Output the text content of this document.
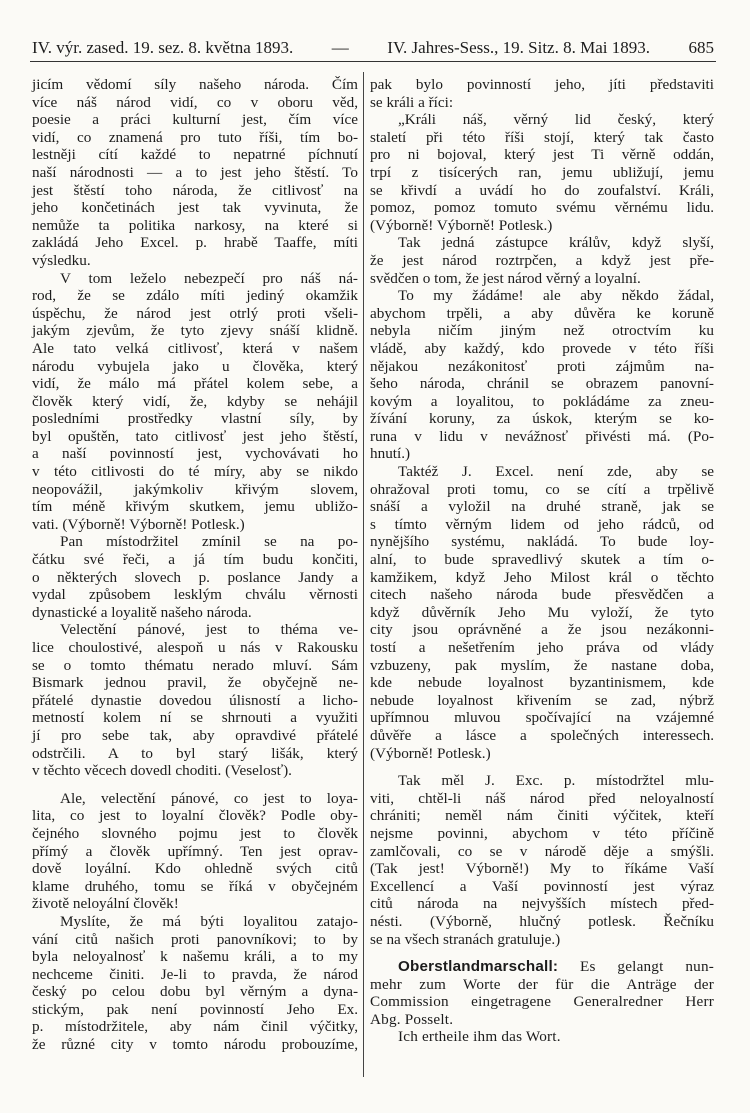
IV. výr. zased. 19. sez. 8. května 1893. — IV. Jahres-Sess., 19. Sitz. 8. Mai 1893. 685
jicím vědomí síly našeho národa. Čím
více náš národ vidí, co v oboru věd,
poesie a práci kulturní jest, čím více
vidí, co znamená pro tuto říši, tím bo-
lestněji cítí každé to nepatrné píchnutí
naší národnosti — a to jest jeho štěstí. To
jest štěstí toho národa, že citlivosť na
jeho končetinách jest tak vyvinuta, že
nemůže ta politika narkosy, na které si
zakládá Jeho Excel. p. hrabě Taaffe, míti
výsledku.
V tom leželo nebezpečí pro náš ná-
rod, že se zdálo míti jediný okamžik
úspěchu, že národ jest otrlý proti všeli-
jakým zjevům, že tyto zjevy snáší klidně.
Ale tato velká citlivosť, která v našem
národu vybujela jako u člověka, který
vidí, že málo má přátel kolem sebe, a
člověk který vidí, že, kdyby se nehájil
posledními prostředky vlastní síly, by
byl opuštěn, tato citlivosť jest jeho štěstí,
a naší povinností jest, vychovávati ho
v této citlivosti do té míry, aby se nikdo
neopovážil, jakýmkoliv křivým slovem,
tím méně křivým skutkem, jemu ubližo-
vati. (Výborně! Výborně! Potlesk.)
Pan místodržitel zmínil se na po-
čátku své řeči, a já tím budu končiti,
o některých slovech p. poslance Jandy a
vydal způsobem lesklým chválu věrnosti
dynastické a loyalitě našeho národa.
Velectění pánové, jest to théma ve-
lice choulostivé, alespoň u nás v Rakousku
se o tomto thématu nerado mluví. Sám
Bismark jednou pravil, že obyčejně ne-
přátelé dynastie dovedou úlisností a licho-
metností kolem ní se shrnouti a využiti
jí pro sebe tak, aby opravdivé přátelé
odstrčili. A to byl starý lišák, který
v těchto věcech dovedl choditi. (Veselosť).
Ale, velectění pánové, co jest to loya-
lita, co jest to loyalní člověk? Podle oby-
čejného slovného pojmu jest to člověk
přímý a člověk upřímný. Ten jest oprav-
dově loyální. Kdo ohledně svých citů
klame druhého, tomu se říká v obyčejném
životě neloyální člověk!
Myslíte, že má býti loyalitou zatajo-
vání citů našich proti panovníkovi; to by
byla neloyalnosť k našemu králi, a to my
nechceme činiti. Je-li to pravda, že národ
český po celou dobu byl věrným a dyna-
stickým, pak není povinností Jeho Ex.
p. místodržitele, aby nám činil výčitky,
že různé city v tomto národu probouzíme,
pak bylo povinností jeho, jíti představiti
se králi a říci:
„Králi náš, věrný lid český, který
staletí při této říši stojí, který tak často
pro ni bojoval, který jest Ti věrně oddán,
trpí z tisícerých ran, jemu ubližují, jemu
se křivdí a uvádí ho do zoufalství. Králi,
pomoz, pomoz tomuto svému věrnému lidu.
(Výborně! Výborně! Potlesk.)
Tak jedná zástupce králův, když slyší,
že jest národ roztrpčen, a když jest pře-
svědčen o tom, že jest národ věrný a loyalní.
To my žádáme! ale aby někdo žádal,
abychom trpěli, a aby důvěra ke koruně
nebyla ničím jiným než otroctvím ku
vládě, aby každý, kdo provede v této říši
nějakou nezákonitosť proti zájmům na-
šeho národa, chránil se obrazem panovní-
kovým a loyalitou, to pokládáme za zneu-
žívání koruny, za úskok, kterým se ko-
runa v lidu v nevážnosť přivésti má. (Po-
hnutí.)
Taktéž J. Excel. není zde, aby se
ohražoval proti tomu, co se cítí a trpělivě
snáší a vyložil na druhé straně, jak se
s tímto věrným lidem od jeho rádců, od
nynějšího systému, nakládá. To bude loy-
alní, to bude spravedlivý skutek a tím o-
kamžikem, když Jeho Milost král o těchto
citech našeho národa bude přesvědčen a
když důvěrník Jeho Mu vyloží, že tyto
city jsou oprávněné a že jsou nezákonni-
tostí a nešetřením jeho práva od vlády
vzbuzeny, pak myslím, že nastane doba,
kde nebude loyalnost byzantinismem, kde
nebude loyalnost křivením se zad, nýbrž
upřímnou mluvou spočívající na vzájemné
důvěře a lásce a společných interessech.
(Výborně! Potlesk.)
Tak měl J. Exc. p. místodržtel mlu-
viti, chtěl-li náš národ před neloyalností
chrániti; neměl nám činiti výčitek, kteří
nejsme povinni, abychom v této příčině
zamlčovali, co se v národě děje a smýšli.
(Tak jest! Výborně!) My to říkáme Vaší
Excellencí a Vaší povinností jest výraz
citů národa na nejvyšších místech před-
nésti. (Výborně, hlučný potlesk. Řečníku
se na všech stranách gratuluje.)
Oberstlandmarschall: Es gelangt nun-
mehr zum Worte der für die Anträge der
Commission eingetragene Generalredner Herr
Abg. Posselt.
Ich ertheile ihm das Wort.
